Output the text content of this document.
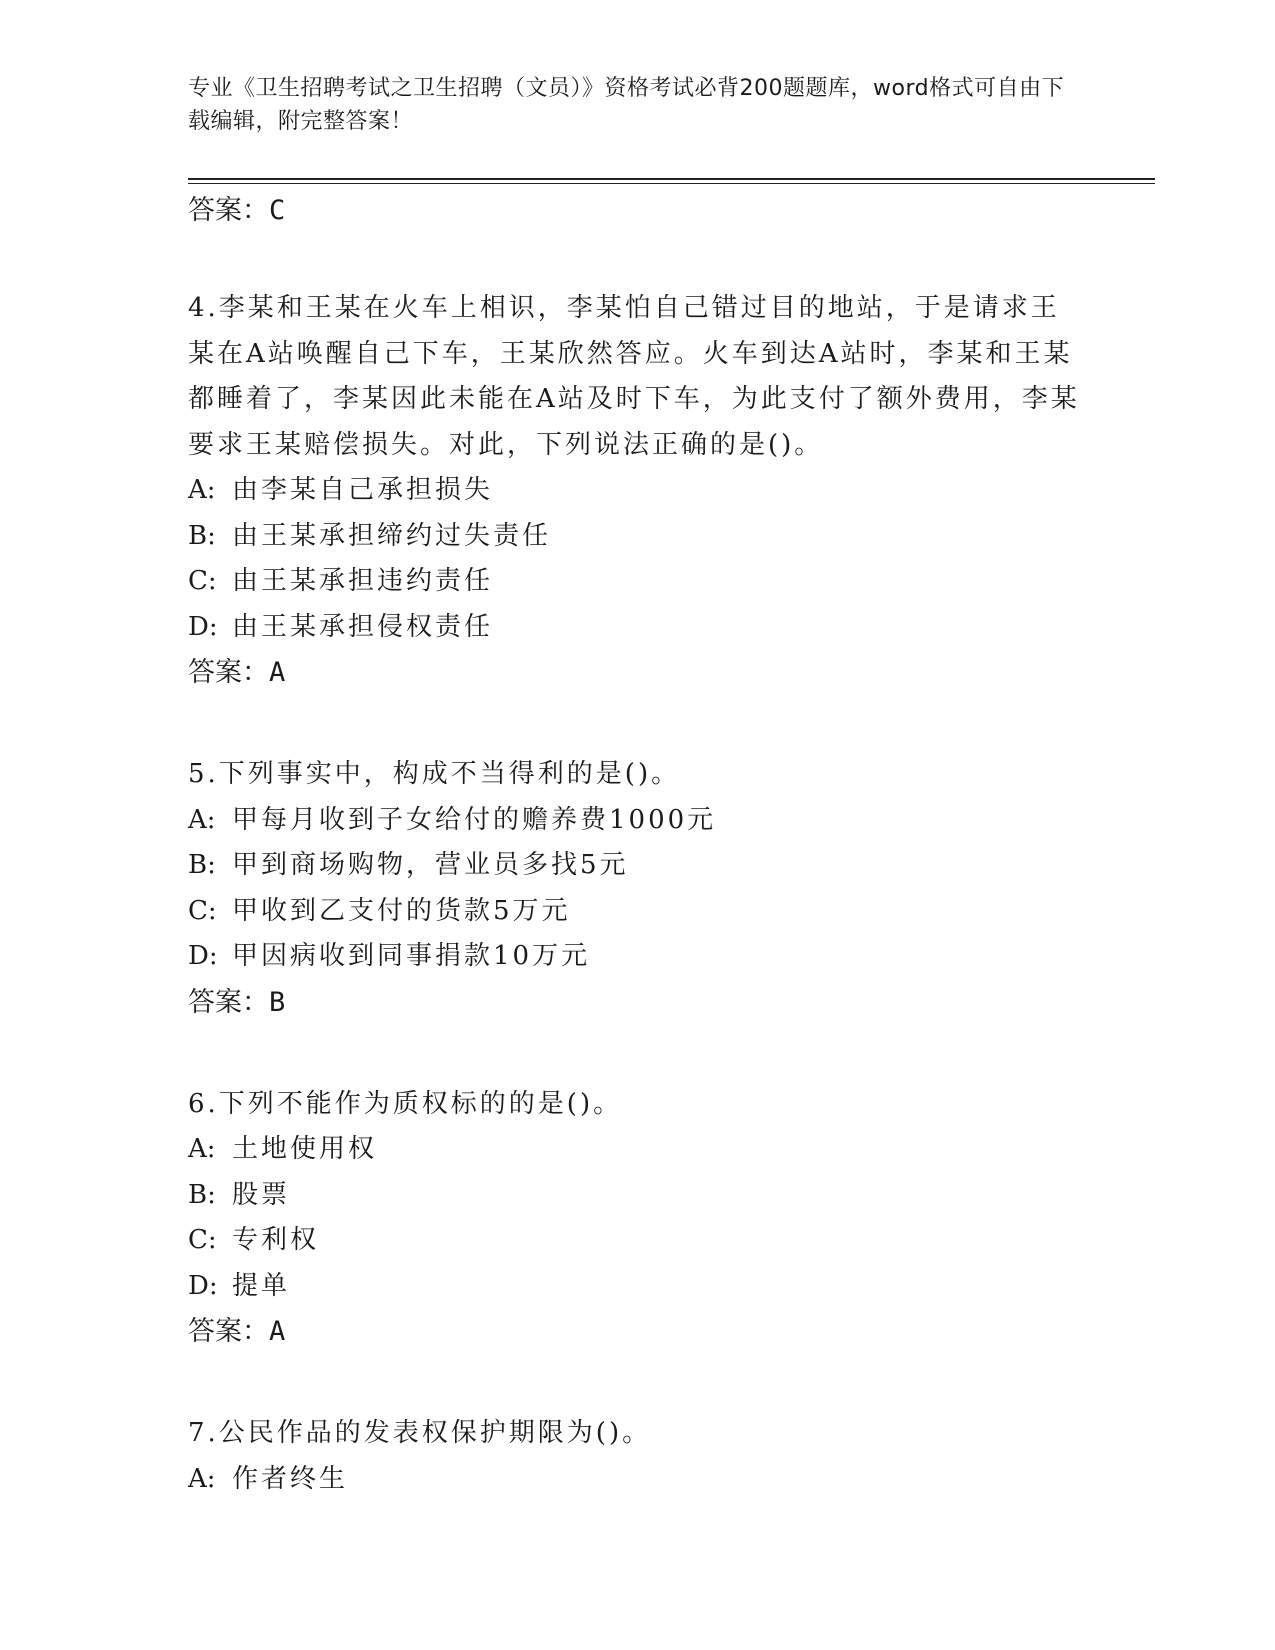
专业《卫生招聘考试之卫生招聘（文员）》资格考试必背200题题库，word格式可自由下载编辑，附完整答案！
答案：C
4.李某和王某在火车上相识，李某怕自己错过目的地站，于是请求王某在A站唤醒自己下车，王某欣然答应。火车到达A站时，李某和王某都睡着了，李某因此未能在A站及时下车，为此支付了额外费用，李某要求王某赔偿损失。对此，下列说法正确的是()。
A: 由李某自己承担损失
B: 由王某承担缔约过失责任
C: 由王某承担违约责任
D: 由王某承担侵权责任
答案：A
5.下列事实中，构成不当得利的是()。
A: 甲每月收到子女给付的赡养费1000元
B: 甲到商场购物，营业员多找5元
C: 甲收到乙支付的货款5万元
D: 甲因病收到同事捐款10万元
答案：B
6.下列不能作为质权标的的是()。
A: 土地使用权
B: 股票
C: 专利权
D: 提单
答案：A
7.公民作品的发表权保护期限为()。
A: 作者终生
